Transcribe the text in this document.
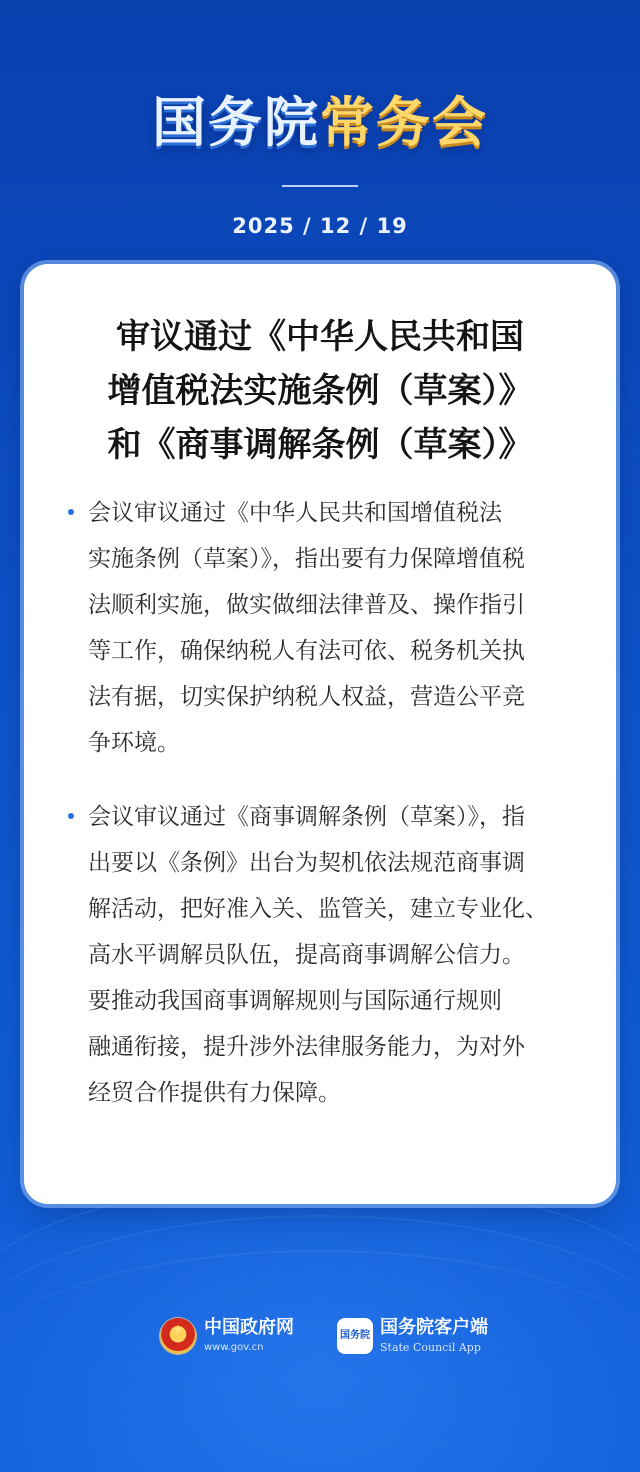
国务院常务会
2025 / 12 / 19
审议通过《中华人民共和国
增值税法实施条例（草案）》
和《商事调解条例（草案）》
会议审议通过《中华人民共和国增值税法
实施条例（草案）》，指出要有力保障增值税
法顺利实施，做实做细法律普及、操作指引
等工作，确保纳税人有法可依、税务机关执
法有据，切实保护纳税人权益，营造公平竞
争环境。
会议审议通过《商事调解条例（草案）》，指
出要以《条例》出台为契机依法规范商事调
解活动，把好准入关、监管关，建立专业化、
高水平调解员队伍，提高商事调解公信力。
要推动我国商事调解规则与国际通行规则
融通衔接，提升涉外法律服务能力，为对外
经贸合作提供有力保障。
★	中国政府网
www.gov.cn
国务院 国务院客户端
State Council App
